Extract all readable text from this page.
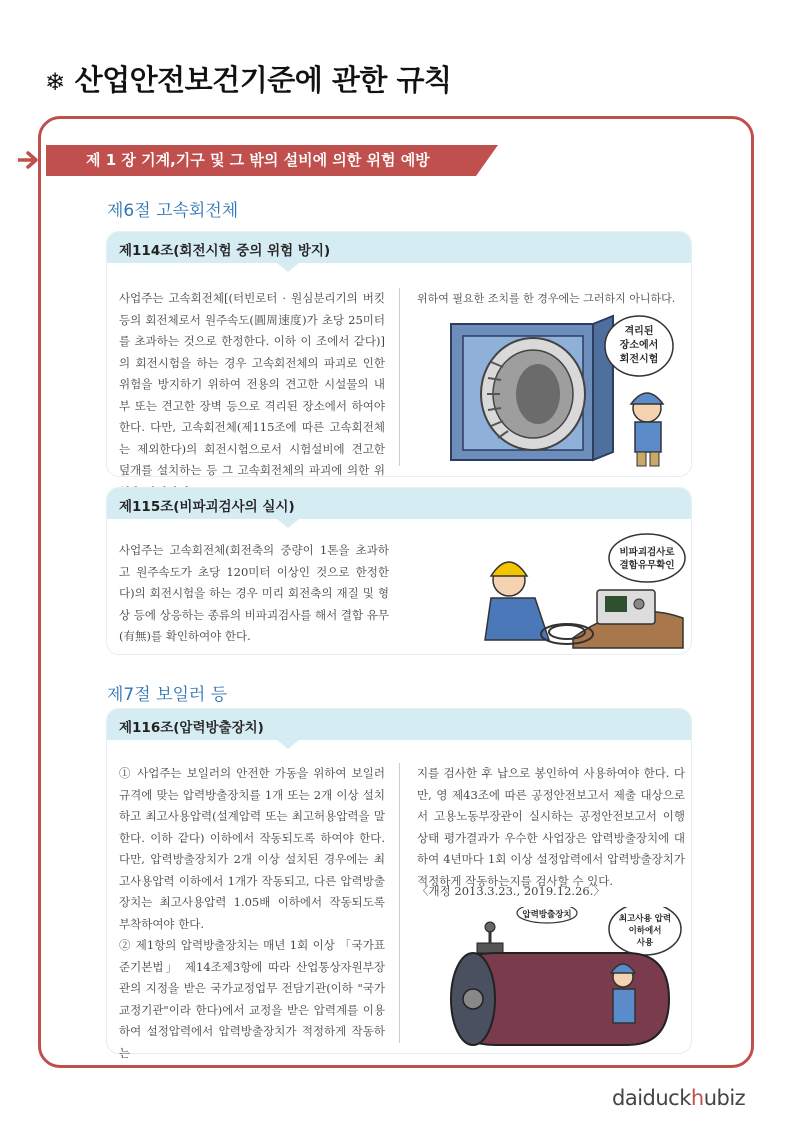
❄ 산업안전보건기준에 관한 규칙
제 1 장 기계,기구 및 그 밖의 설비에 의한 위험 예방
제6절 고속회전체
제114조(회전시험 중의 위험 방지)
사업주는 고속회전체[(터빈로터 · 원심분리기의 버킷 등의 회전체로서 원주속도(圓周速度)가 초당 25미터를 초과하는 것으로 한정한다. 이하 이 조에서 같다)]의 회전시험을 하는 경우 고속회전체의 파괴로 인한 위험을 방지하기 위하여 전용의 견고한 시설물의 내부 또는 견고한 장벽 등으로 격리된 장소에서 하여야 한다. 다만, 고속회전체(제115조에 따른 고속회전체는 제외한다)의 회전시험으로서 시험설비에 견고한 덮개를 설치하는 등 그 고속회전체의 파괴에 의한 위
위하여 필요한 조치를 한 경우에는 그러하지 아니하다.
격리된
장소에서
회전시험
제115조(비파괴검사의 실시)
사업주는 고속회전체(회전축의 중량이 1톤을 초과하고 원주속도가 초당 120미터 이상인 것으로 한정한다)의 회전시험을 하는 경우 미리 회전축의 재질 및 형상 등에 상응하는 종류의 비파괴검사를 해서 결함 유무(有無)를 확인하여야 한다.
비파괴검사로
결함유무확인
제7절 보일러 등
제116조(압력방출장치)
① 사업주는 보일러의 안전한 가동을 위하여 보일러 규격에 맞는 압력방출장치를 1개 또는 2개 이상 설치하고 최고사용압력(설계압력 또는 최고허용압력을 말한다. 이하 같다) 이하에서 작동되도록 하여야 한다. 다만, 압력방출장치가 2개 이상 설치된 경우에는 최고사용압력 이하에서 1개가 작동되고, 다른 압력방출장치는 최고사용압력 1.05배 이하에서 작동되도록 부착하여야 한다.
② 제1항의 압력방출장치는 매년 1회 이상 「국가표준기본법」 제14조제3항에 따라 산업통상자원부장관의 지정을 받은 국가교정업무 전담기관(이하 "국가교정기관"이라 한다)에서 교정을 받은 압력계를 이용하여 설정압력에서 압력방출장치가 적정하게 작동하는
지를 검사한 후 납으로 봉인하여 사용하여야 한다. 다만, 영 제43조에 따른 공정안전보고서 제출 대상으로서 고용노동부장관이 실시하는 공정안전보고서 이행 상태 평가결과가 우수한 사업장은 압력방출장치에 대하여 4년마다 1회 이상 설정압력에서 압력방출장치가 적정하게 작동하는지를 검사할 수 있다.
〈개정 2013.3.23., 2019.12.26.〉
압력방출장치	최고사용 압력
이하에서
사용
daiduckhubiz
